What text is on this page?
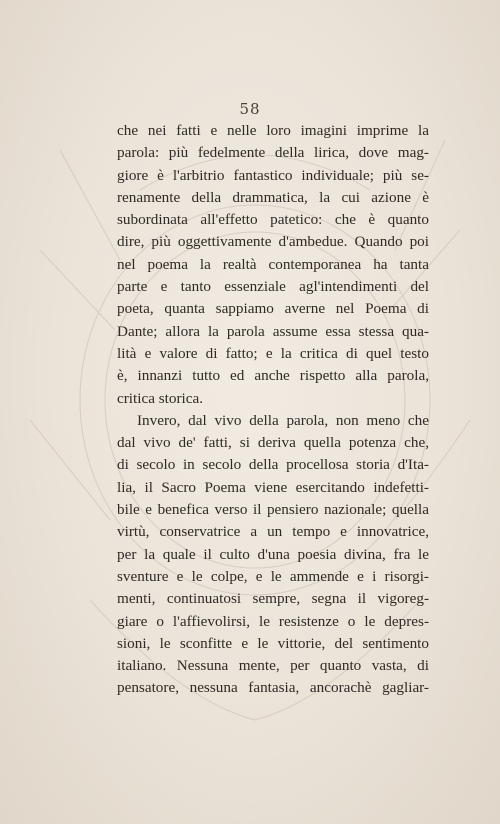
58
che nei fatti e nelle loro imagini imprime la
parola: più fedelmente della lirica, dove mag-
giore è l'arbitrio fantastico individuale; più se-
renamente della drammatica, la cui azione è
subordinata all'effetto patetico: che è quanto
dire, più oggettivamente d'ambedue. Quando poi
nel poema la realtà contemporanea ha tanta
parte e tanto essenziale agl'intendimenti del
poeta, quanta sappiamo averne nel Poema di
Dante; allora la parola assume essa stessa qua-
lità e valore di fatto; e la critica di quel testo
è, innanzi tutto ed anche rispetto alla parola,
critica storica.
Invero, dal vivo della parola, non meno che
dal vivo de' fatti, si deriva quella potenza che,
di secolo in secolo della procellosa storia d'Ita-
lia, il Sacro Poema viene esercitando indefetti-
bile e benefica verso il pensiero nazionale; quella
virtù, conservatrice a un tempo e innovatrice,
per la quale il culto d'una poesia divina, fra le
sventure e le colpe, e le ammende e i risorgi-
menti, continuatosi sempre, segna il vigoreg-
giare o l'affievolirsi, le resistenze o le depres-
sioni, le sconfitte e le vittorie, del sentimento
italiano. Nessuna mente, per quanto vasta, di
pensatore, nessuna fantasia, ancorachè gagliar-
